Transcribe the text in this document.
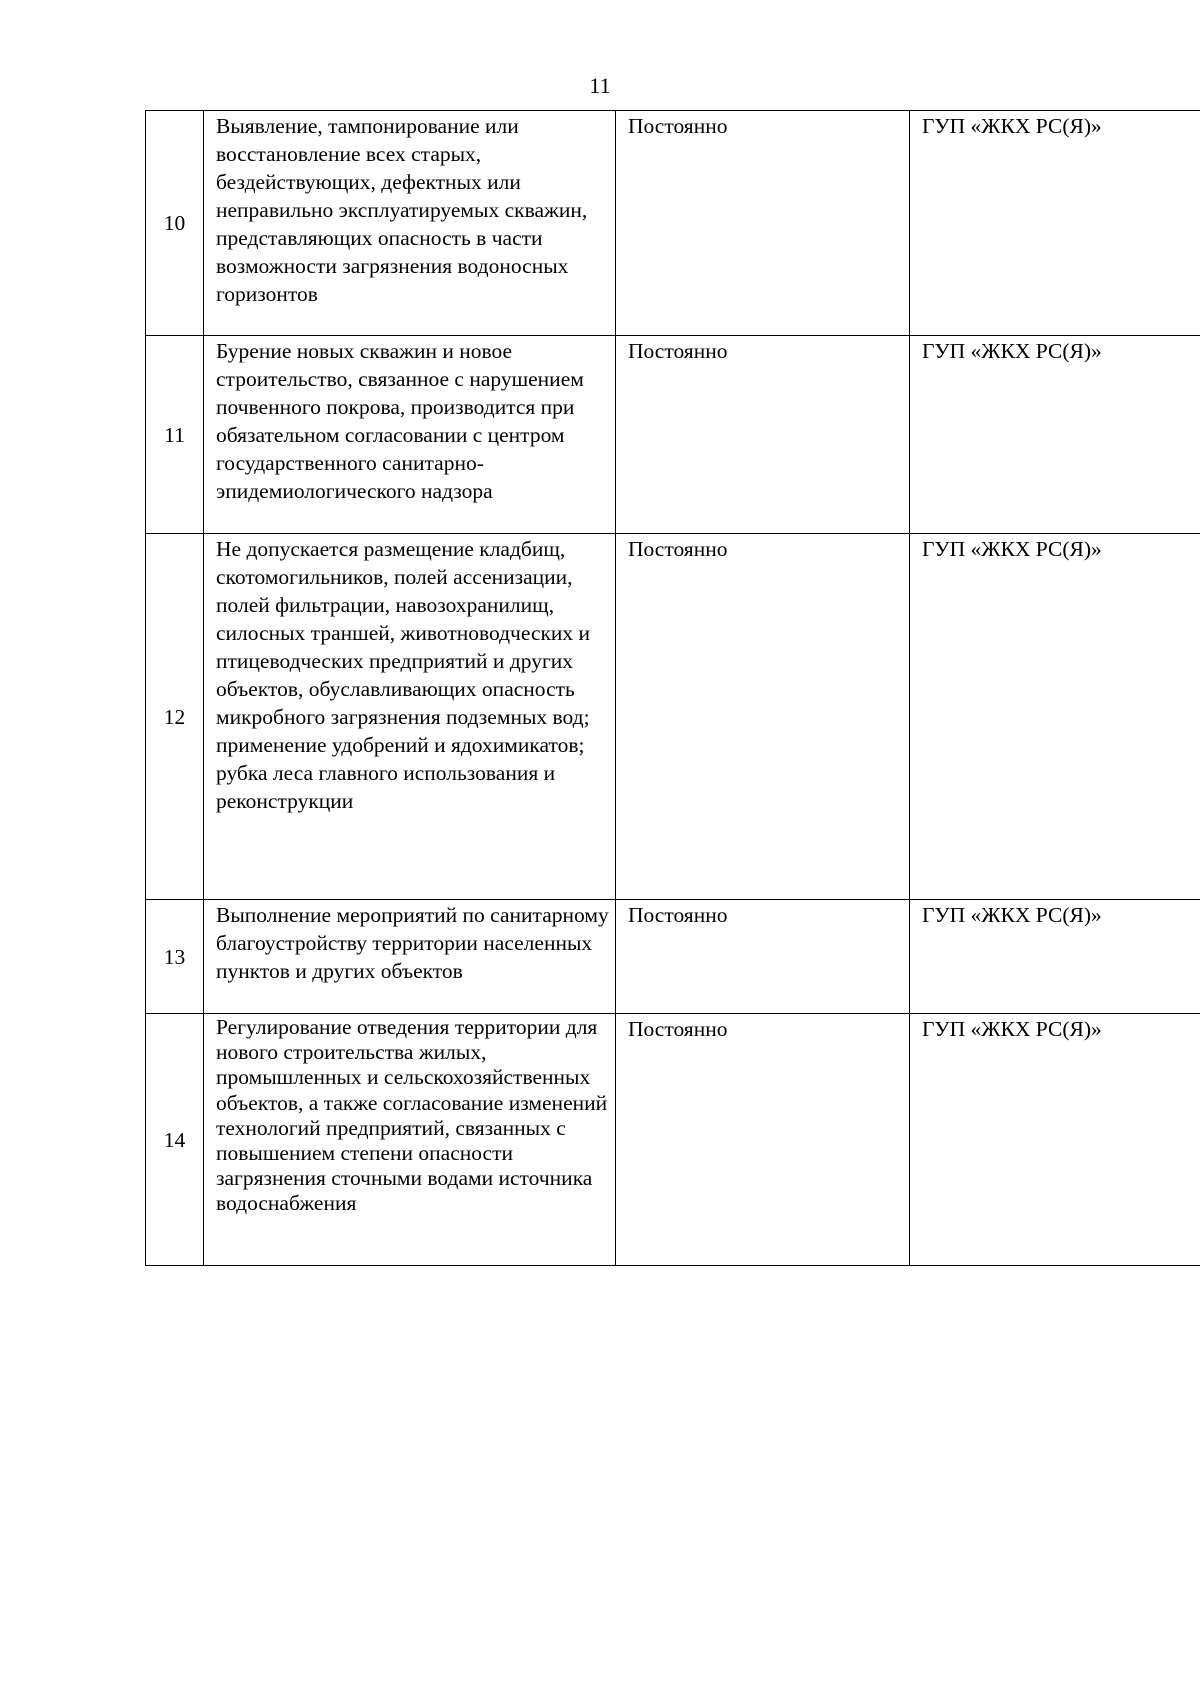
11
10	Выявление, тампонирование или восстановление всех старых, бездействующих, дефектных или неправильно эксплуатируемых скважин, представляющих опасность в части возможности загрязнения водоносных горизонтов	Постоянно	ГУП «ЖКХ РС(Я)»
11	Бурение новых скважин и новое строительство, связанное с нарушением почвенного покрова, производится при обязательном согласовании с центром государственного санитарно-эпидемиологического надзора	Постоянно	ГУП «ЖКХ РС(Я)»
12	Не допускается размещение кладбищ, скотомогильников, полей ассенизации, полей фильтрации, навозохранилищ, силосных траншей, животноводческих и птицеводческих предприятий и других объектов, обуславливающих опасность микробного загрязнения подземных вод; применение удобрений и ядохимикатов; рубка леса главного использования и реконструкции	Постоянно	ГУП «ЖКХ РС(Я)»
13	Выполнение мероприятий по санитарному благоустройству территории населенных пунктов и других объектов	Постоянно	ГУП «ЖКХ РС(Я)»
14	Регулирование отведения территории для нового строительства жилых, промышленных и сельскохозяйственных объектов, а также согласование изменений технологий предприятий, связанных с повышением степени опасности загрязнения сточными водами источника водоснабжения	Постоянно	ГУП «ЖКХ РС(Я)»
